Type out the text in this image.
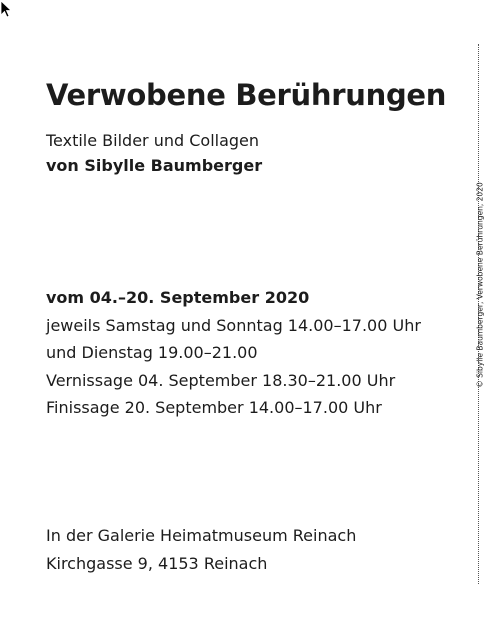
Verwobene Berührungen
Textile Bilder und Collagen
von Sibylle Baumberger
vom 04.–20. September 2020
jeweils Samstag und Sonntag 14.00–17.00 Uhr
und Dienstag 19.00–21.00
Vernissage 04. September 18.30–21.00 Uhr
Finissage 20. September 14.00–17.00 Uhr
In der Galerie Heimatmuseum Reinach
Kirchgasse 9, 4153 Reinach
© Sibylle Baumberger, Verwobene Berührungen, 2020
